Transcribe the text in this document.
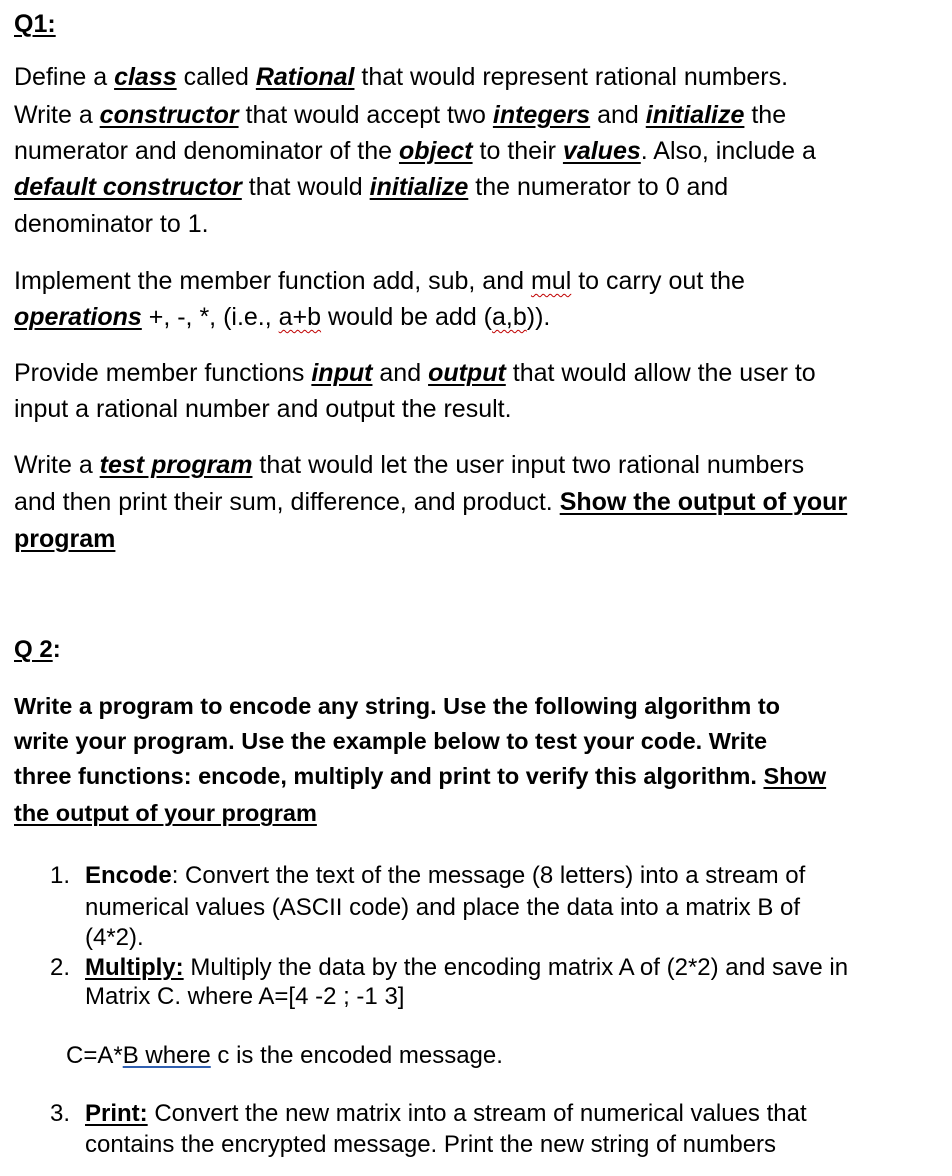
Q1:
Define a class called Rational that would represent rational numbers.
Write a constructor that would accept two integers and initialize the
numerator and denominator of the object to their values. Also, include a
default constructor that would initialize the numerator to 0 and
denominator to 1.
Implement the member function add, sub, and mul to carry out the
operations +, -, *, (i.e., a+b would be add (a,b)).
Provide member functions input and output that would allow the user to
input a rational number and output the result.
Write a test program that would let the user input two rational numbers
and then print their sum, difference, and product. Show the output of your
program
Q 2:
Write a program to encode any string. Use the following algorithm to
write your program. Use the example below to test your code. Write
three functions: encode, multiply and print to verify this algorithm. Show
the output of your program
1. Encode: Convert the text of the message (8 letters) into a stream of
numerical values (ASCII code) and place the data into a matrix B of
(4*2).
2. Multiply: Multiply the data by the encoding matrix A of (2*2) and save in
Matrix C. where A=[4 -2 ; -1 3]
C=A*B where c is the encoded message.
3. Print: Convert the new matrix into a stream of numerical values that
contains the encrypted message. Print the new string of numbers
